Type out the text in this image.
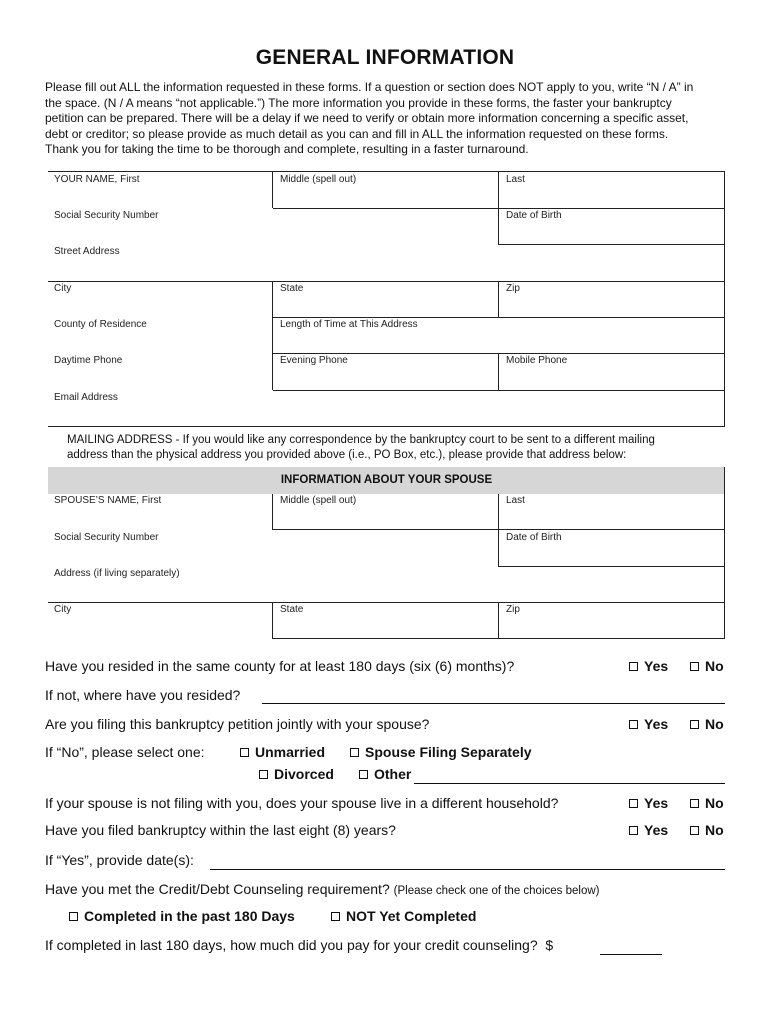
GENERAL INFORMATION
Please fill out ALL the information requested in these forms. If a question or section does NOT apply to you, write “N / A” in
the space. (N / A means “not applicable.”) The more information you provide in these forms, the faster your bankruptcy
petition can be prepared. There will be a delay if we need to verify or obtain more information concerning a specific asset,
debt or creditor; so please provide as much detail as you can and fill in ALL the information requested on these forms.
Thank you for taking the time to be thorough and complete, resulting in a faster turnaround.
YOUR NAME, First	Middle (spell out)	Last
Social Security Number	Date of Birth
Street Address
City	State	Zip
County of Residence	Length of Time at This Address
Daytime Phone	Evening Phone	Mobile Phone
Email Address
MAILING ADDRESS - If you would like any correspondence by the bankruptcy court to be sent to a different mailing
address than the physical address you provided above (i.e., PO Box, etc.), please provide that address below:
INFORMATION ABOUT YOUR SPOUSE
SPOUSE’S NAME, First	Middle (spell out)	Last
Social Security Number	Date of Birth
Address (if living separately)
City	State	Zip
Have you resided in the same county for at least 180 days (six (6) months)?	Yes	No
If not, where have you resided?
Are you filing this bankruptcy petition jointly with your spouse?	Yes	No
If “No”, please select one:	Unmarried	Spouse Filing Separately
Divorced	Other
If your spouse is not filing with you, does your spouse live in a different household?	Yes	No
Have you filed bankruptcy within the last eight (8) years?	Yes	No
If “Yes”, provide date(s):
Have you met the Credit/Debt Counseling requirement? (Please check one of the choices below)
Completed in the past 180 Days	NOT Yet Completed
If completed in last 180 days, how much did you pay for your credit counseling? $
